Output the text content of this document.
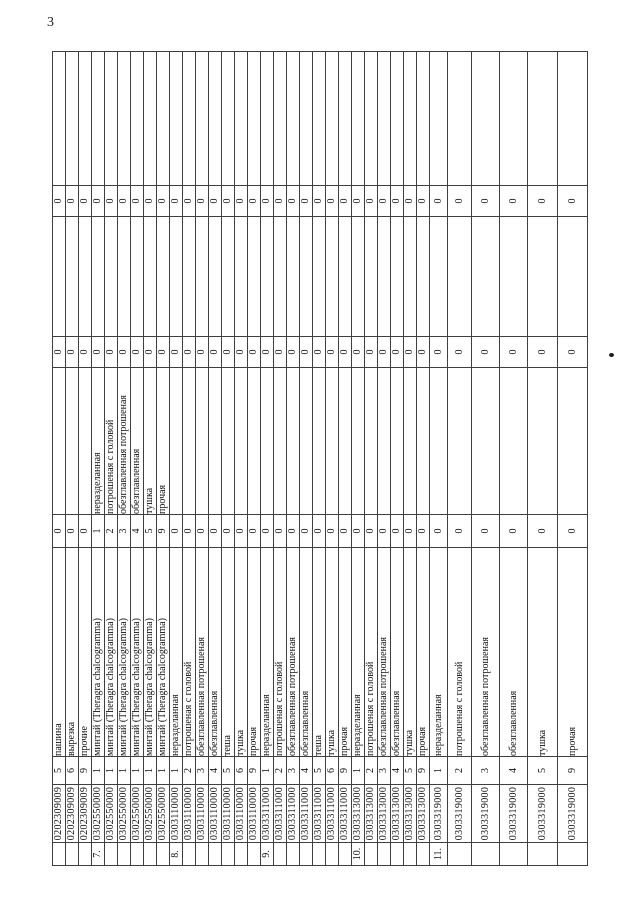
3
	0202309009	5	пашина	0		0		0	
	0202309009	6	вырезка	0		0		0	
	0202309009	9	прочие	0		0		0	
7.	0302550000	1	минтай (Theragra chalcogramma)	1	неразделанная	0		0	
	0302550000	1	минтай (Theragra chalcogramma)	2	потрошеная с головой	0		0	
	0302550000	1	минтай (Theragra chalcogramma)	3	обезглавленная потрошеная	0		0	
	0302550000	1	минтай (Theragra chalcogramma)	4	обезглавленная	0		0	
	0302550000	1	минтай (Theragra chalcogramma)	5	тушка	0		0	
	0302550000	1	минтай (Theragra chalcogramma)	9	прочая	0		0	
8.	0303110000	1	неразделанная	0		0		0	
	0303110000	2	потрошеная с головой	0		0		0	
	0303110000	3	обезглавленная потрошеная	0		0		0	
	0303110000	4	обезглавленная	0		0		0	
	0303110000	5	теша	0		0		0	
	0303110000	6	тушка	0		0		0	
	0303110000	9	прочая	0		0		0	
9.	0303311000	1	неразделанная	0		0		0	
	0303311000	2	потрошеная с головой	0		0		0	
	0303311000	3	обезглавленная потрошеная	0		0		0	
	0303311000	4	обезглавленная	0		0		0	
	0303311000	5	теша	0		0		0	
	0303311000	6	тушка	0		0		0	
	0303311000	9	прочая	0		0		0	
10.	0303313000	1	неразделанная	0		0		0	
	0303313000	2	потрошеная с головой	0		0		0	
	0303313000	3	обезглавленная потрошеная	0		0		0	
	0303313000	4	обезглавленная	0		0		0	
	0303313000	5	тушка	0		0		0	
	0303313000	9	прочая	0		0		0	
11.	0303319000	1	неразделанная	0		0		0	
	0303319000	2	потрошеная с головой	0		0		0	
	0303319000	3	обезглавленная потрошеная	0		0		0	
	0303319000	4	обезглавленная	0		0		0	
	0303319000	5	тушка	0		0		0	
	0303319000	9	прочая	0		0		0	
